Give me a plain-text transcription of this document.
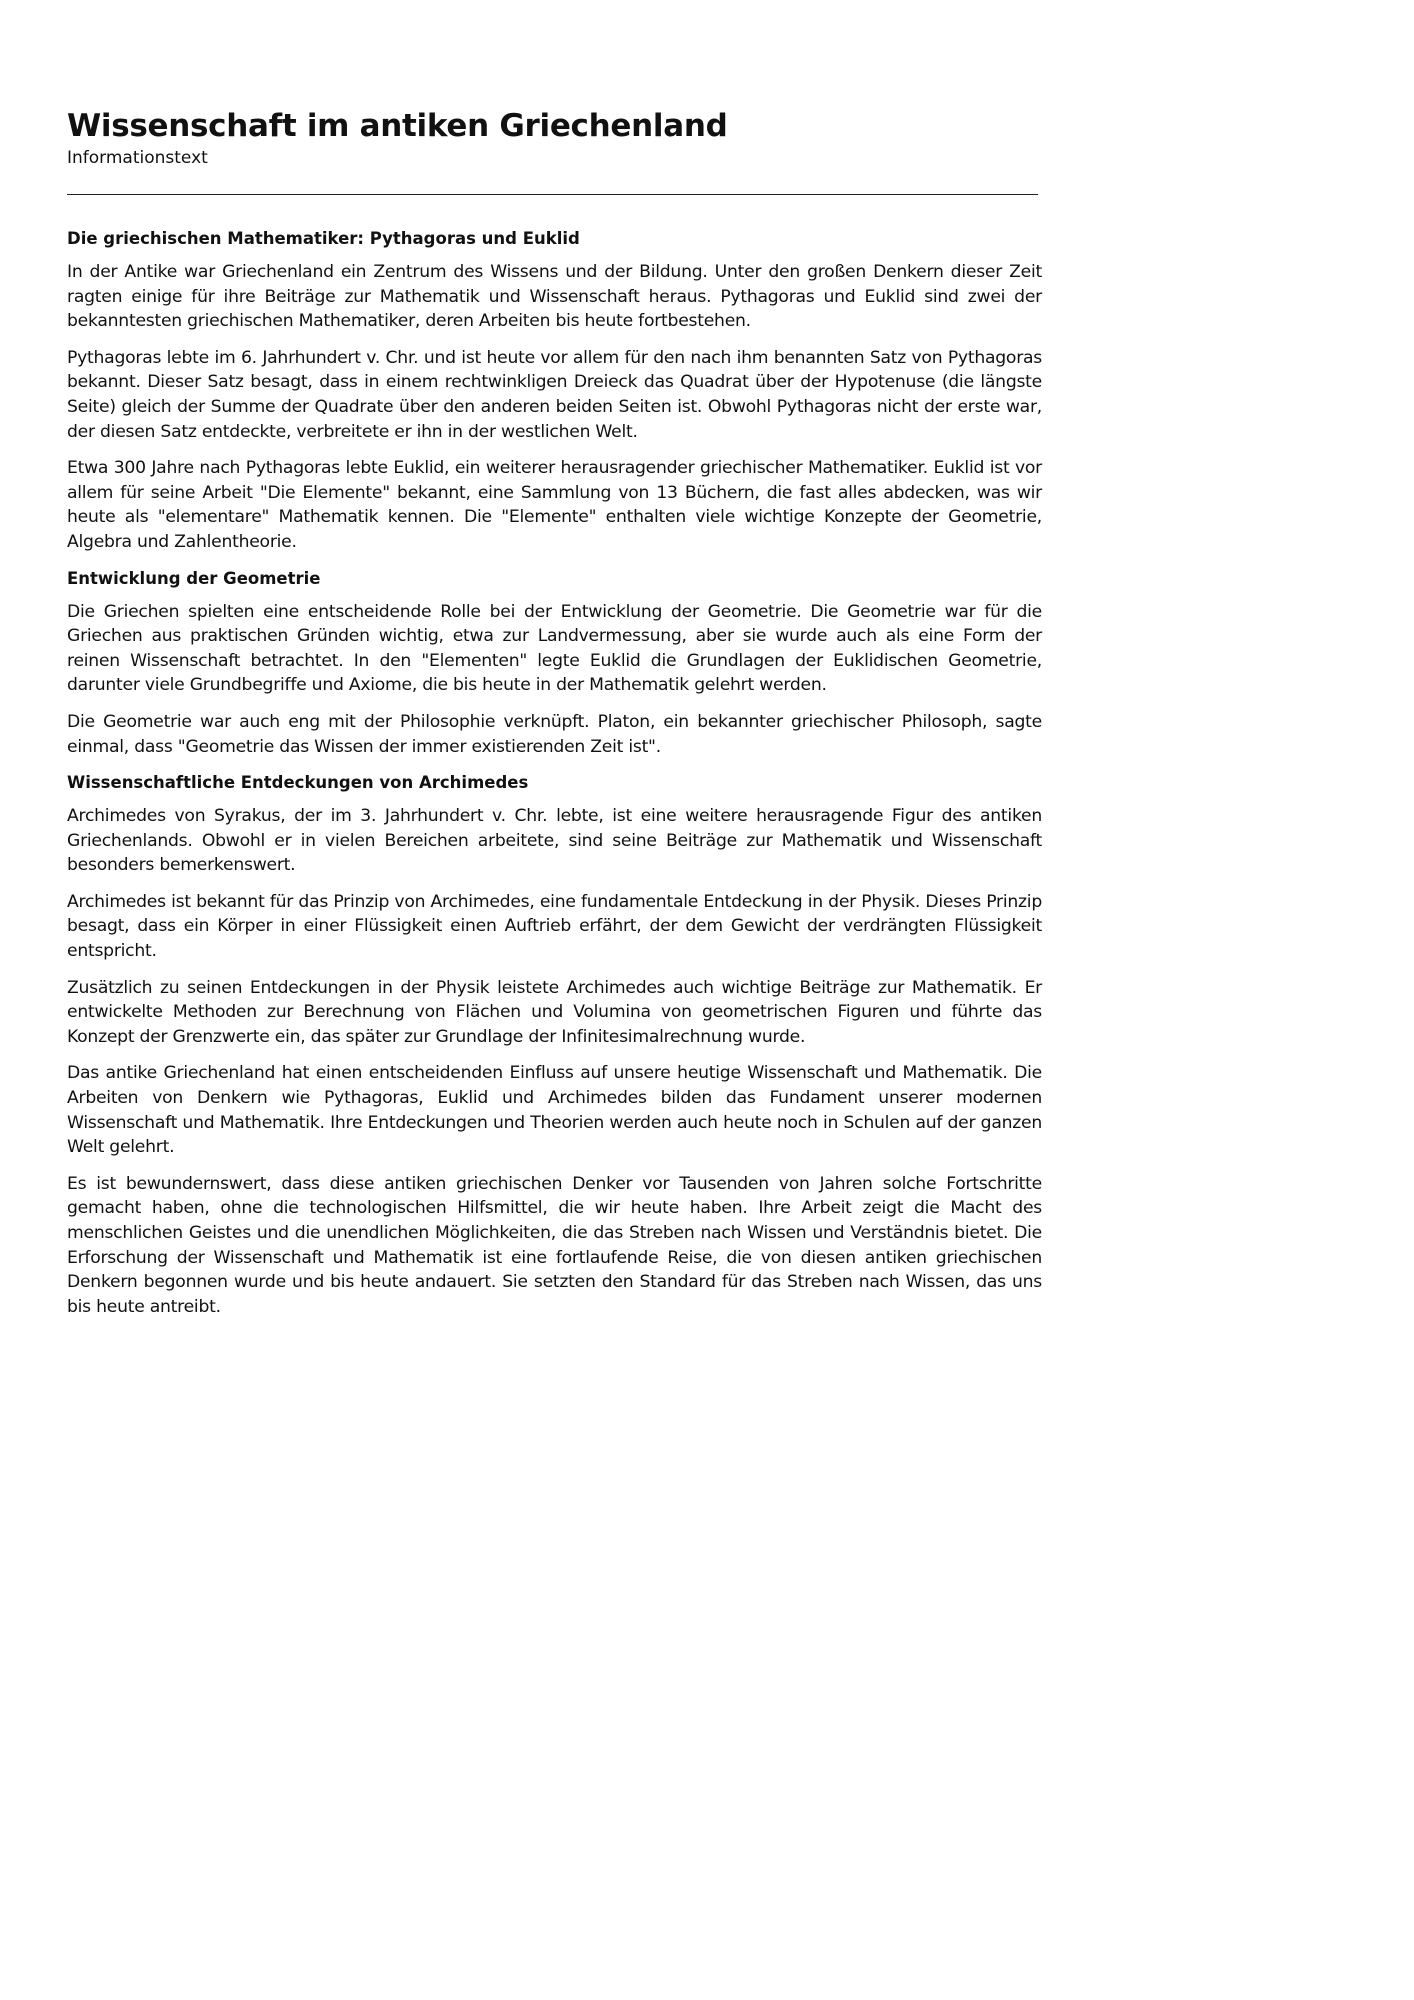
Wissenschaft im antiken Griechenland

Informationstext

Die griechischen Mathematiker: Pythagoras und Euklid

In der Antike war Griechenland ein Zentrum des Wissens und der Bildung. Unter den großen Denkern dieser Zeit ragten einige für ihre Beiträge zur Mathematik und Wissenschaft heraus. Pythagoras und Euklid sind zwei der bekanntesten griechischen Mathematiker, deren Arbeiten bis heute fortbestehen.

Pythagoras lebte im 6. Jahrhundert v. Chr. und ist heute vor allem für den nach ihm benannten Satz von Pythagoras bekannt. Dieser Satz besagt, dass in einem rechtwinkligen Dreieck das Quadrat über der Hypotenuse (die längste Seite) gleich der Summe der Quadrate über den anderen beiden Seiten ist. Obwohl Pythagoras nicht der erste war, der diesen Satz entdeckte, verbreitete er ihn in der westlichen Welt.

Etwa 300 Jahre nach Pythagoras lebte Euklid, ein weiterer herausragender griechischer Mathematiker. Euklid ist vor allem für seine Arbeit "Die Elemente" bekannt, eine Sammlung von 13 Büchern, die fast alles abdecken, was wir heute als "elementare" Mathematik kennen. Die "Elemente" enthalten viele wichtige Konzepte der Geometrie, Algebra und Zahlentheorie.

Entwicklung der Geometrie

Die Griechen spielten eine entscheidende Rolle bei der Entwicklung der Geometrie. Die Geometrie war für die Griechen aus praktischen Gründen wichtig, etwa zur Landvermessung, aber sie wurde auch als eine Form der reinen Wissenschaft betrachtet. In den "Elementen" legte Euklid die Grundlagen der Euklidischen Geometrie, darunter viele Grundbegriffe und Axiome, die bis heute in der Mathematik gelehrt werden.

Die Geometrie war auch eng mit der Philosophie verknüpft. Platon, ein bekannter griechischer Philosoph, sagte einmal, dass "Geometrie das Wissen der immer existierenden Zeit ist".

Wissenschaftliche Entdeckungen von Archimedes

Archimedes von Syrakus, der im 3. Jahrhundert v. Chr. lebte, ist eine weitere herausragende Figur des antiken Griechenlands. Obwohl er in vielen Bereichen arbeitete, sind seine Beiträge zur Mathematik und Wissenschaft besonders bemerkenswert.

Archimedes ist bekannt für das Prinzip von Archimedes, eine fundamentale Entdeckung in der Physik. Dieses Prinzip besagt, dass ein Körper in einer Flüssigkeit einen Auftrieb erfährt, der dem Gewicht der verdrängten Flüssigkeit entspricht.

Zusätzlich zu seinen Entdeckungen in der Physik leistete Archimedes auch wichtige Beiträge zur Mathematik. Er entwickelte Methoden zur Berechnung von Flächen und Volumina von geometrischen Figuren und führte das Konzept der Grenzwerte ein, das später zur Grundlage der Infinitesimalrechnung wurde.

Das antike Griechenland hat einen entscheidenden Einfluss auf unsere heutige Wissenschaft und Mathematik. Die Arbeiten von Denkern wie Pythagoras, Euklid und Archimedes bilden das Fundament unserer modernen Wissenschaft und Mathematik. Ihre Entdeckungen und Theorien werden auch heute noch in Schulen auf der ganzen Welt gelehrt.

Es ist bewundernswert, dass diese antiken griechischen Denker vor Tausenden von Jahren solche Fortschritte gemacht haben, ohne die technologischen Hilfsmittel, die wir heute haben. Ihre Arbeit zeigt die Macht des menschlichen Geistes und die unendlichen Möglichkeiten, die das Streben nach Wissen und Verständnis bietet. Die Erforschung der Wissenschaft und Mathematik ist eine fortlaufende Reise, die von diesen antiken griechischen Denkern begonnen wurde und bis heute andauert. Sie setzten den Standard für das Streben nach Wissen, das uns bis heute antreibt.
